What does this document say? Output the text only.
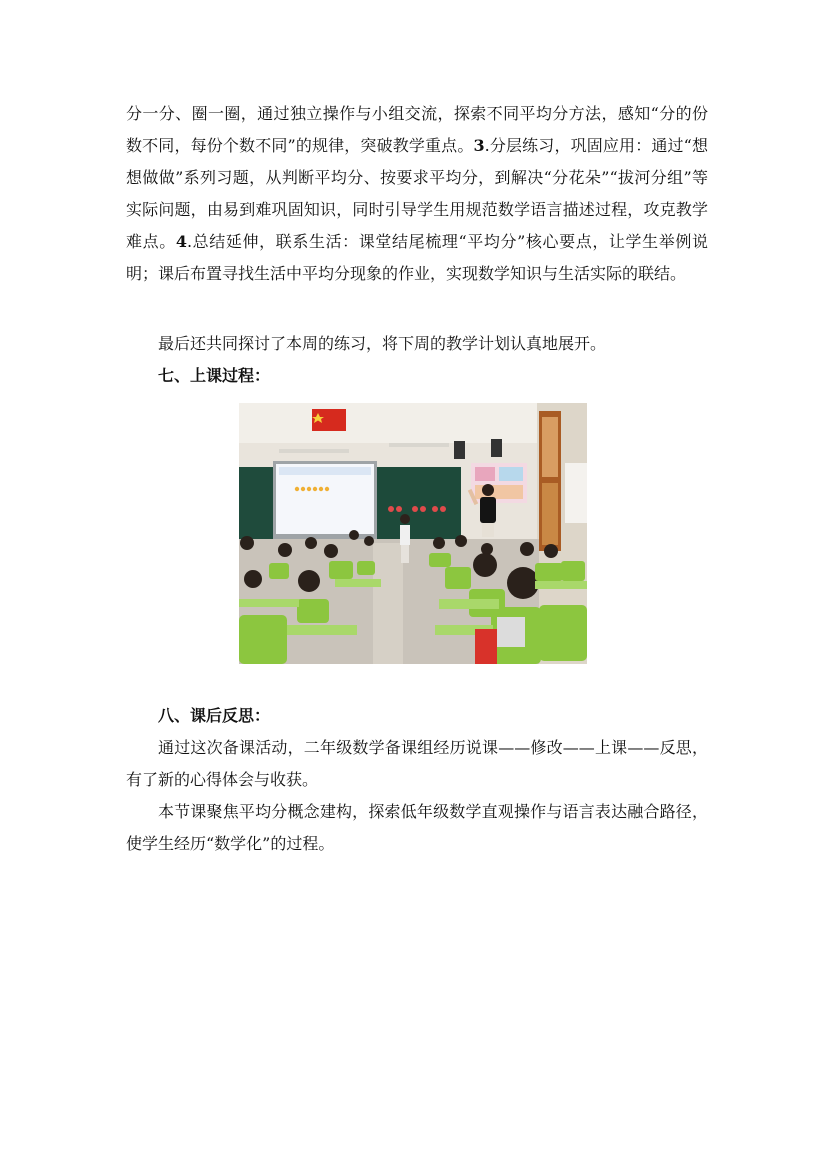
分一分、圈一圈，通过独立操作与小组交流，探索不同平均分方法，感知“分的份数不同，每份个数不同”的规律，突破教学重点。3.分层练习，巩固应用：通过“想想做做”系列习题，从判断平均分、按要求平均分，到解决“分花朵”“拔河分组”等实际问题，由易到难巩固知识，同时引导学生用规范数学语言描述过程，攻克教学难点。4.总结延伸，联系生活：课堂结尾梳理“平均分”核心要点，让学生举例说明；课后布置寻找生活中平均分现象的作业，实现数学知识与生活实际的联结。

最后还共同探讨了本周的练习，将下周的教学计划认真地展开。

七、上课过程：

八、课后反思：

通过这次备课活动，二年级数学备课组经历说课——修改——上课——反思，有了新的心得体会与收获。

本节课聚焦平均分概念建构，探索低年级数学直观操作与语言表达融合路径，使学生经历“数学化”的过程。
